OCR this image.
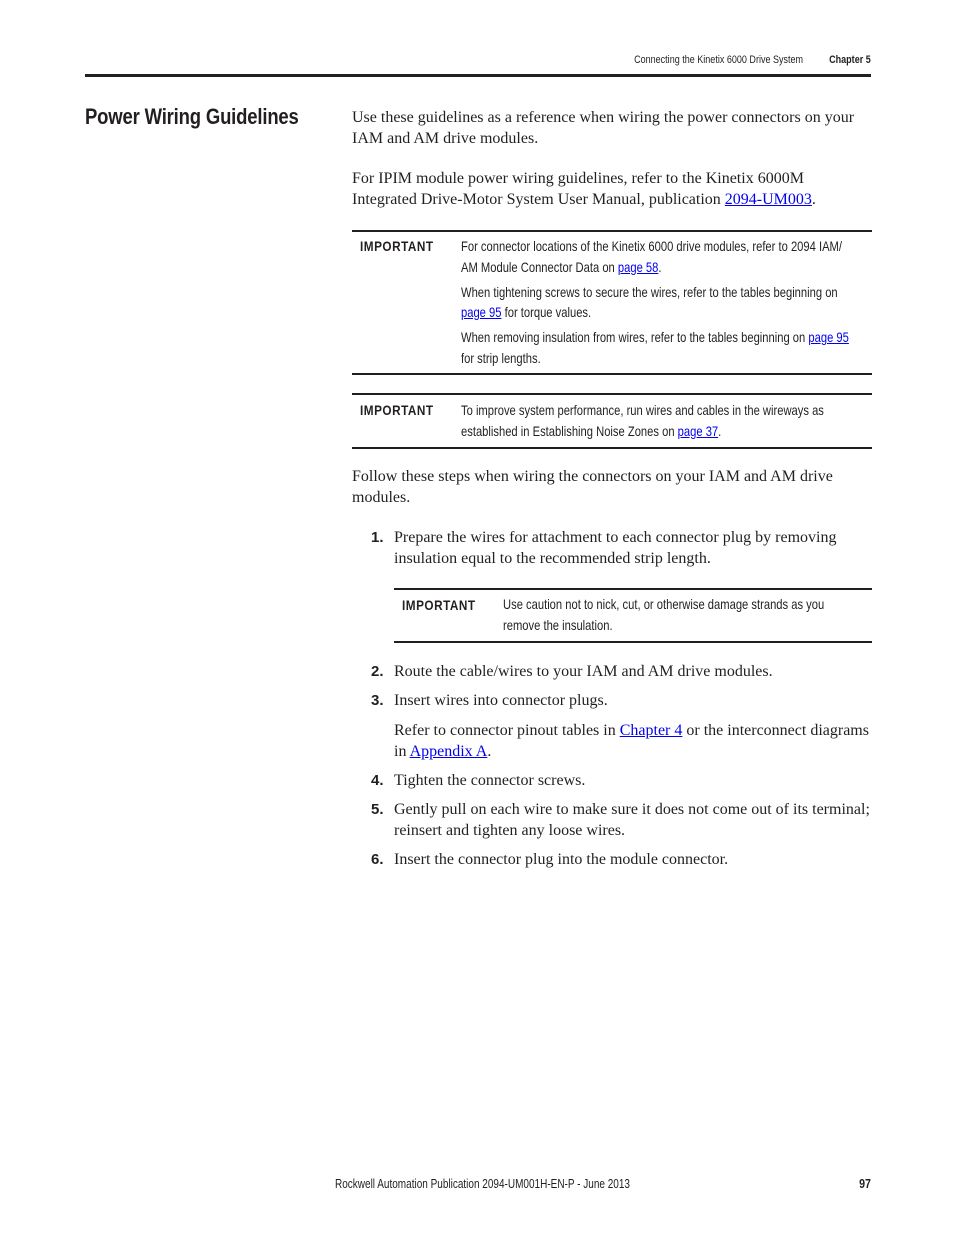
Connecting the Kinetix 6000 Drive System Chapter 5
Power Wiring Guidelines	Use these guidelines as a reference when wiring the power connectors on your IAM and AM drive modules.

For IPIM module power wiring guidelines, refer to the Kinetix 6000M Integrated Drive-Motor System User Manual, publication 2094-UM003.

IMPORTANT For connector locations of the Kinetix 6000 drive modules, refer to 2094 IAM/
AM Module Connector Data on page 58.

When tightening screws to secure the wires, refer to the tables beginning on
page 95 for torque values.

When removing insulation from wires, refer to the tables beginning on page 95
for strip lengths.

IMPORTANT To improve system performance, run wires and cables in the wireways as
established in Establishing Noise Zones on page 37.

Follow these steps when wiring the connectors on your IAM and AM drive modules.

1. Prepare the wires for attachment to each connector plug by removing insulation equal to the recommended strip length.
IMPORTANT Use caution not to nick, cut, or otherwise damage strands as you
remove the insulation.

2. Route the cable/wires to your IAM and AM drive modules.
3. Insert wires into connector plugs.

Refer to connector pinout tables in Chapter 4 or the interconnect diagrams in Appendix A.

4. Tighten the connector screws.
5. Gently pull on each wire to make sure it does not come out of its terminal; reinsert and tighten any loose wires.
6. Insert the connector plug into the module connector.
Rockwell Automation Publication 2094-UM001H-EN-P - June 2013	97
